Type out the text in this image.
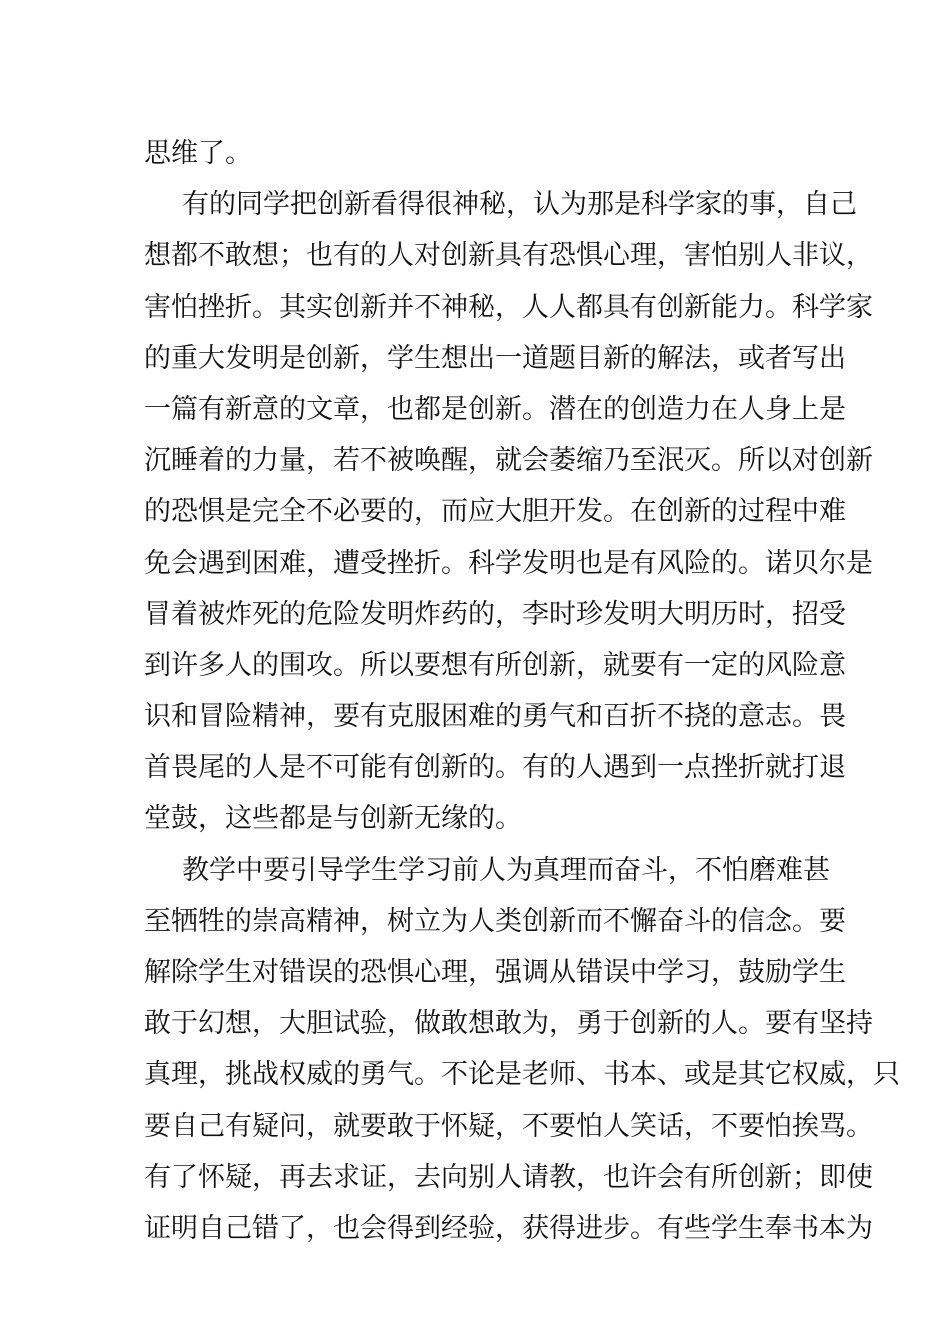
思维了。
有的同学把创新看得很神秘，认为那是科学家的事，自己
想都不敢想；也有的人对创新具有恐惧心理，害怕别人非议，
害怕挫折。其实创新并不神秘，人人都具有创新能力。科学家
的重大发明是创新，学生想出一道题目新的解法，或者写出
一篇有新意的文章，也都是创新。潜在的创造力在人身上是
沉睡着的力量，若不被唤醒，就会萎缩乃至泯灭。所以对创新
的恐惧是完全不必要的，而应大胆开发。在创新的过程中难
免会遇到困难，遭受挫折。科学发明也是有风险的。诺贝尔是
冒着被炸死的危险发明炸药的，李时珍发明大明历时，招受
到许多人的围攻。所以要想有所创新，就要有一定的风险意
识和冒险精神，要有克服困难的勇气和百折不挠的意志。畏
首畏尾的人是不可能有创新的。有的人遇到一点挫折就打退
堂鼓，这些都是与创新无缘的。
教学中要引导学生学习前人为真理而奋斗，不怕磨难甚
至牺牲的崇高精神，树立为人类创新而不懈奋斗的信念。要
解除学生对错误的恐惧心理，强调从错误中学习，鼓励学生
敢于幻想，大胆试验，做敢想敢为，勇于创新的人。要有坚持
真理，挑战权威的勇气。不论是老师、书本、或是其它权威，只
要自己有疑问，就要敢于怀疑，不要怕人笑话，不要怕挨骂。
有了怀疑，再去求证，去向别人请教，也许会有所创新；即使
证明自己错了，也会得到经验，获得进步。有些学生奉书本为
